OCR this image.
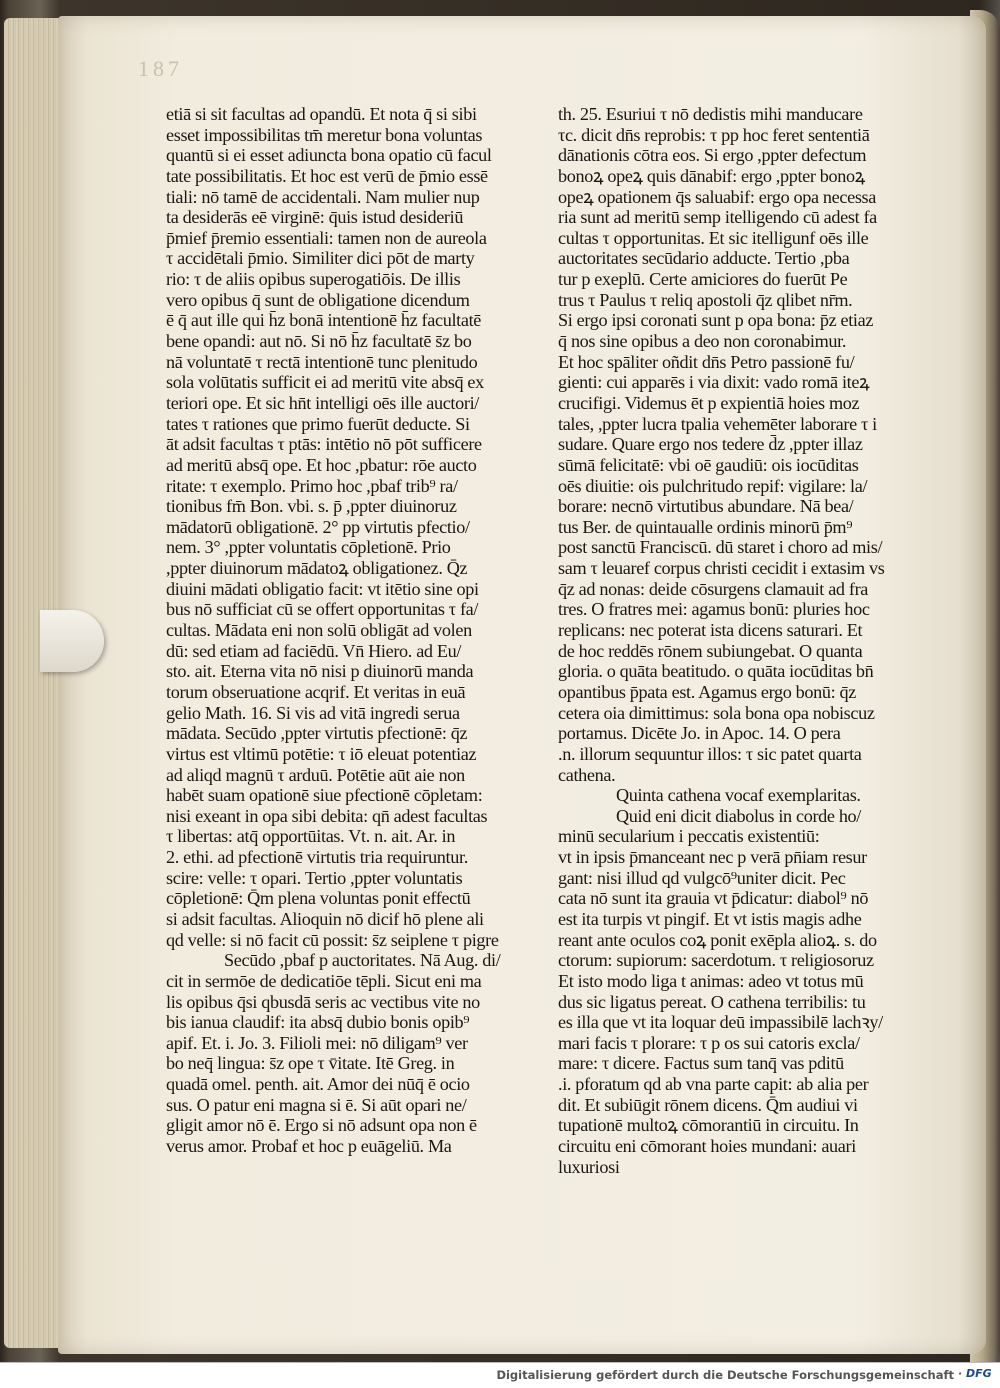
187
etiā si sit facultas ad opandū. Et nota q̄ si sibi
esset impossibilitas tm̄ meretur bona voluntas
quantū si ei esset adiuncta bona opatio cū facul
tate possibilitatis. Et hoc est verū de p̄mio essē
tiali: nō tamē de accidentali. Nam mulier nup
ta desiderās eē virginē: q̄uis istud desideriū
p̄mief p̄remio essentiali: tamen non de aureola
τ accidētali p̄mio. Similiter dici pōt de marty
rio: τ de aliis opibus superogatiōis. De illis
vero opibus q̄ sunt de obligatione dicendum
ē q̄ aut ille qui h̄z bonā intentionē h̄z facultatē
bene opandi: aut nō. Si nō h̄z facultatē s̄z bo
nā voluntatē τ rectā intentionē tunc plenitudo
sola volūtatis sufficit ei ad meritū vite absq̄ ex
teriori ope. Et sic hn̄t intelligi oēs ille auctori/
tates τ rationes que primo fuerūt deducte. Si
āt adsit facultas τ ptās: intētio nō pōt sufficere
ad meritū absq̄ ope. Et hoc ,pbatur: rōe aucto
ritate: τ exemplo. Primo hoc ,pbaf trib⁹ ra/
tionibus fm̄ Bon. vbi. s. p̄ ,ppter diuinoruz
mādatorū obligationē. 2° pp virtutis pfectio/
nem. 3° ,ppter voluntatis cōpletionē. Prio
,ppter diuinorum mādatoꝝ obligationez. Q̄z
diuini mādati obligatio facit: vt itētio sine opi
bus nō sufficiat cū se offert opportunitas τ fa/
cultas. Mādata eni non solū obligāt ad volen
dū: sed etiam ad faciēdū. Vn̄ Hiero. ad Eu/
sto. ait. Eterna vita nō nisi p diuinorū manda
torum obseruatione acqrif. Et veritas in euā
gelio Math. 16. Si vis ad vitā ingredi serua
mādata. Secūdo ,ppter virtutis pfectionē: q̄z
virtus est vltimū potētie: τ iō eleuat potentiaz
ad aliqd magnū τ arduū. Potētie aūt aie non
habēt suam opationē siue pfectionē cōpletam:
nisi exeant in opa sibi debita: qn̄ adest facultas
τ libertas: atq̄ opportūitas. Vt. n. ait. Ar. in
2. ethi. ad pfectionē virtutis tria requiruntur.
scire: velle: τ opari. Tertio ,ppter voluntatis
cōpletionē: Q̄m plena voluntas ponit effectū
si adsit facultas. Alioquin nō dicif hō plene ali
qd velle: si nō facit cū possit: s̄z seiplene τ pigre
Secūdo ,pbaf p auctoritates. Nā Aug. di/
cit in sermōe de dedicatiōe tēpli. Sicut eni ma
lis opibus q̄si qbusdā seris ac vectibus vite no
bis ianua claudif: ita absq̄ dubio bonis opib⁹
apif. Et. i. Jo. 3. Filioli mei: nō diligam⁹ ver
bo neq̄ lingua: s̄z ope τ v̄itate. Itē Greg. in
quadā omel. penth. ait. Amor dei nūq̄ ē ocio
sus. O patur eni magna si ē. Si aūt opari ne/
gligit amor nō ē. Ergo si nō adsunt opa non ē
verus amor. Probaf et hoc p euāgeliū. Ma
th. 25. Esuriui τ nō dedistis mihi manducare
τc. dicit dn̄s reprobis: τ pp hoc feret sententiā
dānationis cōtra eos. Si ergo ,ppter defectum
bonoꝝ opeꝝ quis dānabif: ergo ,ppter bonoꝝ
opeꝝ opationem q̄s saluabif: ergo opa necessa
ria sunt ad meritū semp itelligendo cū adest fa
cultas τ opportunitas. Et sic itelligunf oēs ille
auctoritates secūdario adducte. Tertio ,pba
tur p exeplū. Certe amiciores do fuerūt Pe
trus τ Paulus τ reliq apostoli q̄z qlibet nr̄m.
Si ergo ipsi coronati sunt p opa bona: p̄z etiaz
q̄ nos sine opibus a deo non coronabimur.
Et hoc spāliter oñdit dn̄s Petro passionē fu/
gienti: cui apparēs i via dixit: vado romā iteꝝ
crucifigi. Videmus ēt p expientiā hoies moz
tales, ,ppter lucra tpalia vehemēter laborare τ i
sudare. Quare ergo nos tedere d̄z ,ppter illaz
sūmā felicitatē: vbi oē gaudiū: ois iocūditas
oēs diuitie: ois pulchritudo repif: vigilare: la/
borare: necnō virtutibus abundare. Nā bea/
tus Ber. de quintaualle ordinis minorū p̄m⁹
post sanctū Franciscū. dū staret i choro ad mis/
sam τ leuaref corpus christi cecidit i extasim vs
q̄z ad nonas: deide cōsurgens clamauit ad fra
tres. O fratres mei: agamus bonū: pluries hoc
replicans: nec poterat ista dicens saturari. Et
de hoc reddēs rōnem subiungebat. O quanta
gloria. o quāta beatitudo. o quāta iocūditas bn̄
opantibus p̄pata est. Agamus ergo bonū: q̄z
cetera oia dimittimus: sola bona opa nobiscuz
portamus. Dicēte Jo. in Apoc. 14. O pera
.n. illorum sequuntur illos: τ sic patet quarta
cathena.
Quinta cathena vocaf exemplaritas.
Quid eni dicit diabolus in corde ho/
minū secularium i peccatis existentiū:
vt in ipsis p̄manceant nec p verā pn̄iam resur
gant: nisi illud qd vulgcō⁹uniter dicit. Pec
cata nō sunt ita grauia vt p̄dicatur: diabol⁹ nō
est ita turpis vt pingif. Et vt istis magis adhe
reant ante oculos coꝝ ponit exēpla alioꝝ. s. do
ctorum: supiorum: sacerdotum. τ religiosoruz
Et isto modo liga t animas: adeo vt totus mū
dus sic ligatus pereat. O cathena terribilis: tu
es illa que vt ita loquar deū impassibilē lachꝛy/
mari facis τ plorare: τ p os sui catoris excla/
mare: τ dicere. Factus sum tanq̄ vas pditū
.i. pforatum qd ab vna parte capit: ab alia per
dit. Et subiūgit rōnem dicens. Q̄m audiui vi
tupationē multoꝝ cōmorantiū in circuitu. In
circuitu eni cōmorant hoies mundani: auari
luxuriosi
Digitalisierung gefördert durch die Deutsche Forschungsgemeinschaft · DFG
